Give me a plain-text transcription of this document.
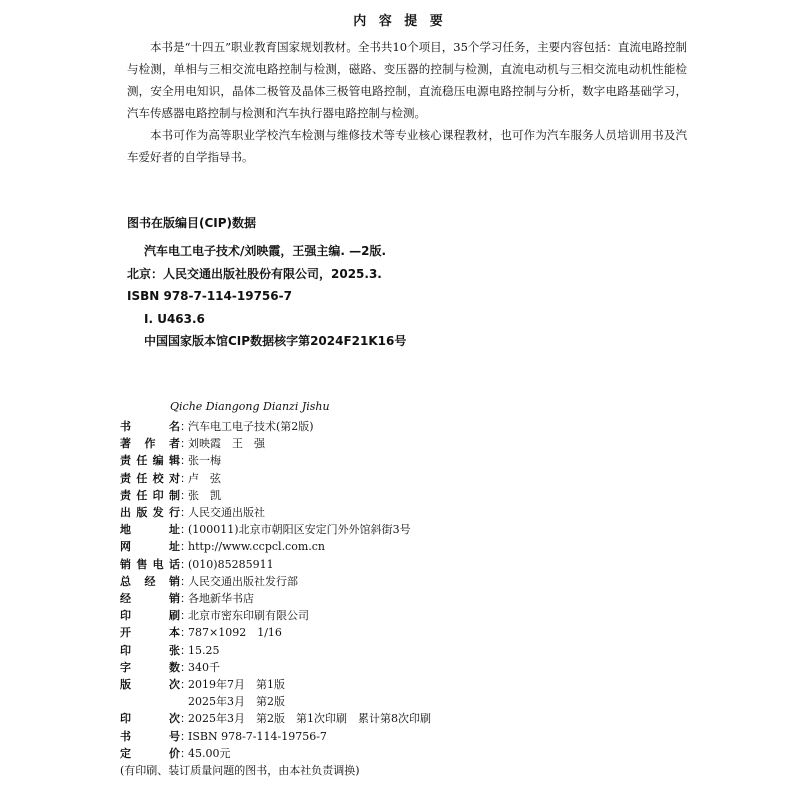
内 容 提 要

本书是“十四五”职业教育国家规划教材。全书共10个项目，35个学习任务，主要内容包括：直流电路控制与检测，单相与三相交流电路控制与检测，磁路、变压器的控制与检测，直流电动机与三相交流电动机性能检测，安全用电知识，晶体二极管及晶体三极管电路控制，直流稳压电源电路控制与分析，数字电路基础学习，汽车传感器电路控制与检测和汽车执行器电路控制与检测。

本书可作为高等职业学校汽车检测与维修技术等专业核心课程教材，也可作为汽车服务人员培训用书及汽车爱好者的自学指导书。

图书在版编目(CIP)数据
汽车电工电子技术/刘映霞，王强主编. —2版.
北京：人民交通出版社股份有限公司，2025.3.
ISBN 978-7-114-19756-7
Ⅰ. U463.6
中国国家版本馆CIP数据核字第2024F21K16号
Qiche Diangong Dianzi Jishu
书名 ：
汽车电工电子技术(第2版)
著作者 ：
刘映霞　王　强
责任编辑 ：
张一梅
责任校对 ：
卢　弦
责任印制 ：
张　凯
出版发行 ：
人民交通出版社
地址 ：
(100011)北京市朝阳区安定门外外馆斜街3号
网址 ：
http://www.ccpcl.com.cn
销售电话 ：
(010)85285911
总经销 ：
人民交通出版社发行部
经销 ：
各地新华书店
印刷 ：
北京市密东印刷有限公司
开本 ：
787×1092　1/16
印张 ：
15.25
字数 ：
340千
版次 ：
2019年7月　第1版
2025年3月　第2版
印次 ：
2025年3月　第2版　第1次印刷　累计第8次印刷
书号 ：
ISBN 978-7-114-19756-7
定价 ：
45.00元
(有印刷、装订质量问题的图书，由本社负责调换)
